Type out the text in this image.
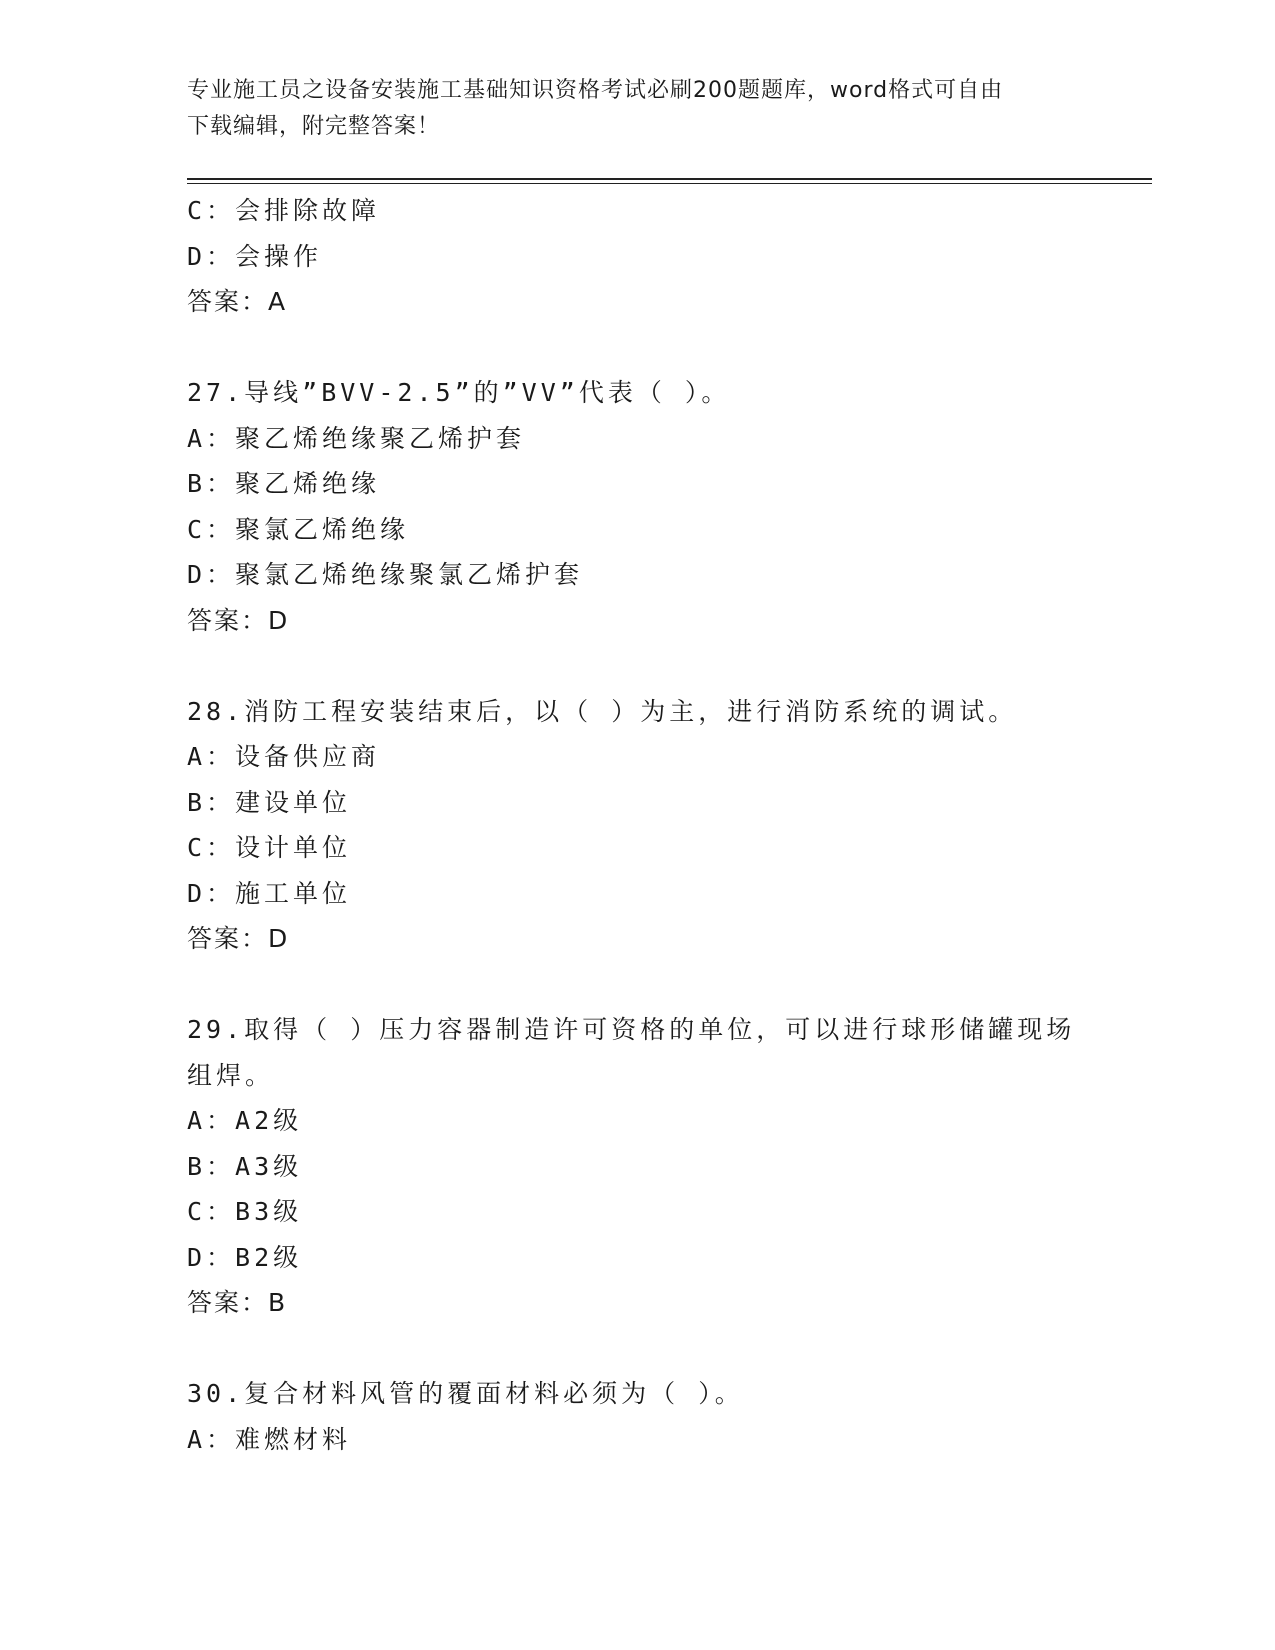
专业施工员之设备安装施工基础知识资格考试必刷200题题库，word格式可自由
下载编辑，附完整答案！
C：会排除故障
D：会操作
答案：A
27.导线”BVV-2.5”的”VV”代表（ ）。
A：聚乙烯绝缘聚乙烯护套
B：聚乙烯绝缘
C：聚氯乙烯绝缘
D：聚氯乙烯绝缘聚氯乙烯护套
答案：D
28.消防工程安装结束后，以（ ）为主，进行消防系统的调试。
A：设备供应商
B：建设单位
C：设计单位
D：施工单位
答案：D
29.取得（ ）压力容器制造许可资格的单位，可以进行球形储罐现场
组焊。
A：A2级
B：A3级
C：B3级
D：B2级
答案：B
30.复合材料风管的覆面材料必须为（ ）。
A：难燃材料
